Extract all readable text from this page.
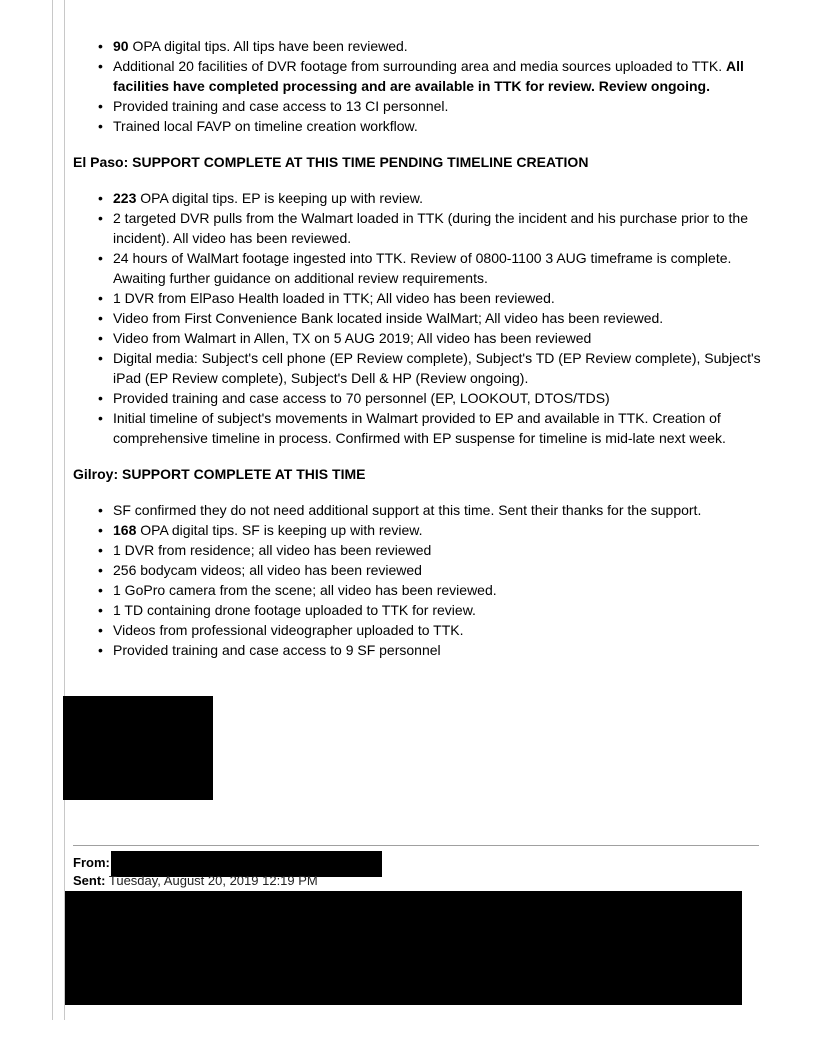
• 90 OPA digital tips. All tips have been reviewed.
• Additional 20 facilities of DVR footage from surrounding area and media sources uploaded to TTK. All facilities have completed processing and are available in TTK for review. Review ongoing.
• Provided training and case access to 13 CI personnel.
• Trained local FAVP on timeline creation workflow.

El Paso: SUPPORT COMPLETE AT THIS TIME PENDING TIMELINE CREATION

• 223 OPA digital tips. EP is keeping up with review.
• 2 targeted DVR pulls from the Walmart loaded in TTK (during the incident and his purchase prior to the incident). All video has been reviewed.
• 24 hours of WalMart footage ingested into TTK. Review of 0800-1100 3 AUG timeframe is complete. Awaiting further guidance on additional review requirements.
• 1 DVR from ElPaso Health loaded in TTK; All video has been reviewed.
• Video from First Convenience Bank located inside WalMart; All video has been reviewed.
• Video from Walmart in Allen, TX on 5 AUG 2019; All video has been reviewed
• Digital media: Subject's cell phone (EP Review complete), Subject's TD (EP Review complete), Subject's iPad (EP Review complete), Subject's Dell & HP (Review ongoing).
• Provided training and case access to 70 personnel (EP, LOOKOUT, DTOS/TDS)
• Initial timeline of subject's movements in Walmart provided to EP and available in TTK. Creation of comprehensive timeline in process. Confirmed with EP suspense for timeline is mid-late next week.

Gilroy: SUPPORT COMPLETE AT THIS TIME

• SF confirmed they do not need additional support at this time. Sent their thanks for the support.
• 168 OPA digital tips. SF is keeping up with review.
• 1 DVR from residence; all video has been reviewed
• 256 bodycam videos; all video has been reviewed
• 1 GoPro camera from the scene; all video has been reviewed.
• 1 TD containing drone footage uploaded to TTK for review.
• Videos from professional videographer uploaded to TTK.
• Provided training and case access to 9 SF personnel
From:
Sent: Tuesday, August 20, 2019 12:19 PM
